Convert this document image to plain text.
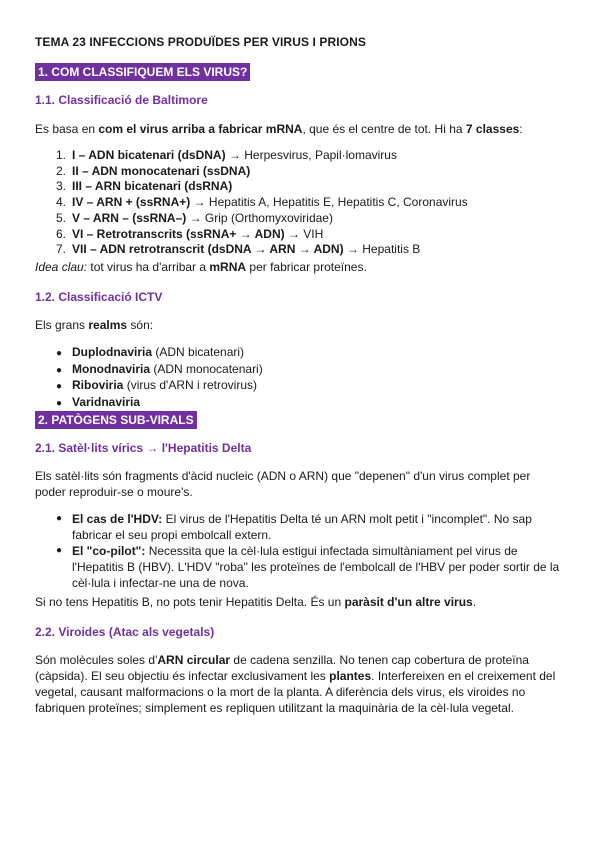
TEMA 23 INFECCIONS PRODUÏDES PER VIRUS I PRIONS
1. COM CLASSIFIQUEM ELS VIRUS?
1.1. Classificació de Baltimore
Es basa en com el virus arriba a fabricar mRNA, que és el centre de tot. Hi ha 7 classes:
1. I – ADN bicatenari (dsDNA) → Herpesvirus, Papil·lomavirus
2. II – ADN monocatenari (ssDNA)
3. III – ARN bicatenari (dsRNA)
4. IV – ARN + (ssRNA+) → Hepatitis A, Hepatitis E, Hepatitis C, Coronavirus
5. V – ARN – (ssRNA–) → Grip (Orthomyxoviridae)
6. VI – Retrotranscrits (ssRNA+ → ADN) → VIH
7. VII – ADN retrotranscrit (dsDNA → ARN → ADN) → Hepatitis B
Idea clau: tot virus ha d'arribar a mRNA per fabricar proteïnes.
1.2. Classificació ICTV
Els grans realms són:
● Duplodnaviria (ADN bicatenari)
● Monodnaviria (ADN monocatenari)
● Riboviria (virus d'ARN i retrovirus)
● Varidnaviria
2. PATÒGENS SUB-VIRALS
2.1. Satèl·lits vírics → l'Hepatitis Delta
Els satèl·lits són fragments d'àcid nucleic (ADN o ARN) que "depenen" d'un virus complet per
poder reproduir-se o moure's.
● El cas de l'HDV: El virus de l'Hepatitis Delta té un ARN molt petit i "incomplet". No sap fabricar el seu propi embolcall extern.
● El "co-pilot": Necessita que la cèl·lula estigui infectada simultàniament pel virus de l'Hepatitis B (HBV). L'HDV "roba" les proteïnes de l'embolcall de l'HBV per poder sortir de la cèl·lula i infectar-ne una de nova.
Si no tens Hepatitis B, no pots tenir Hepatitis Delta. És un paràsit d'un altre virus.
2.2. Viroides (Atac als vegetals)
Són molècules soles d'ARN circular de cadena senzilla. No tenen cap cobertura de proteïna (càpsida). El seu objectiu és infectar exclusivament les plantes. Interfereixen en el creixement del vegetal, causant malformacions o la mort de la planta. A diferència dels virus, els viroides no fabriquen proteïnes; simplement es repliquen utilitzant la maquinària de la cèl·lula vegetal.
